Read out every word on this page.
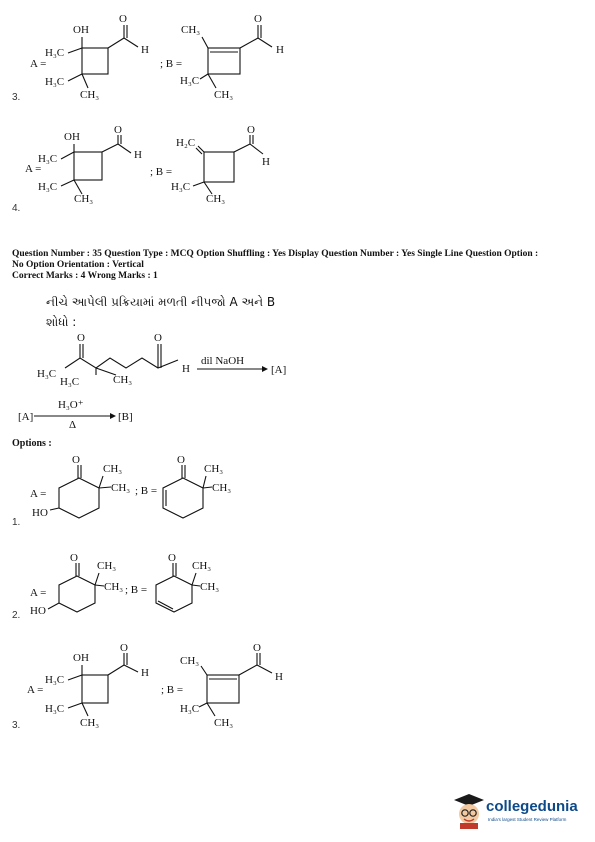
A =
OH
H₃C
H₃C
CH₃
O
H
; B =
CH₃
H₃C
CH₃
O
H
3.
A =
OH
H₃C
H₃C
CH₃
O
H
; B =
H₂C
H₃C
CH₃
O
H
4.
Question Number : 35 Question Type : MCQ Option Shuffling : Yes Display Question Number : Yes Single Line Question Option :
No Option Orientation : Vertical
Correct Marks : 4 Wrong Marks : 1
નીચે આપેલી પ્રક્રિયામાં મળતી નીપજો A અને B
શોધો :
H₃C
H₃C	CH₃
O	O
H
dil NaOH
[A]
[A]
H₃O⁺
Δ
[B]
Options :
A =
HO
O
CH₃
CH₃ ; B =
O
CH₃
CH₃
1.
A =
HO
O
CH₃
CH₃ ; B =
O
CH₃
CH₃
2.
A =
OH
H₃C
H₃C
CH₃
O
H
; B =
CH₃
H₃C
CH₃
O
H
3.
collegedunia
India's largest Student Review Platform
